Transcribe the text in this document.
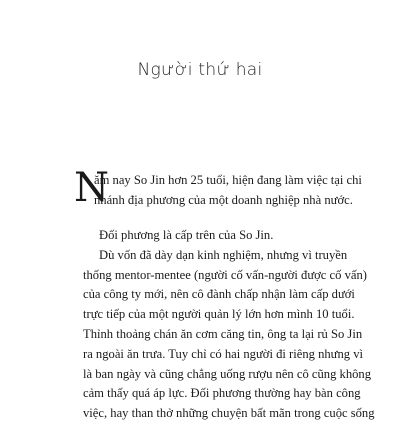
Người thứ hai
N
ăm nay So Jin hơn 25 tuổi, hiện đang làm việc tại chi
nhánh địa phương của một doanh nghiệp nhà nước.
Đối phương là cấp trên của So Jin.
Dù vốn đã dày dạn kinh nghiệm, nhưng vì truyền
thống mentor-mentee (người cố vấn-người được cố vấn)
của công ty mới, nên cô đành chấp nhận làm cấp dưới
trực tiếp của một người quản lý lớn hơn mình 10 tuổi.
Thỉnh thoảng chán ăn cơm căng tin, ông ta lại rủ So Jin
ra ngoài ăn trưa. Tuy chỉ có hai người đi riêng nhưng vì
là ban ngày và cũng chẳng uống rượu nên cô cũng không
cảm thấy quá áp lực. Đối phương thường hay bàn công
việc, hay than thở những chuyện bất mãn trong cuộc sống
